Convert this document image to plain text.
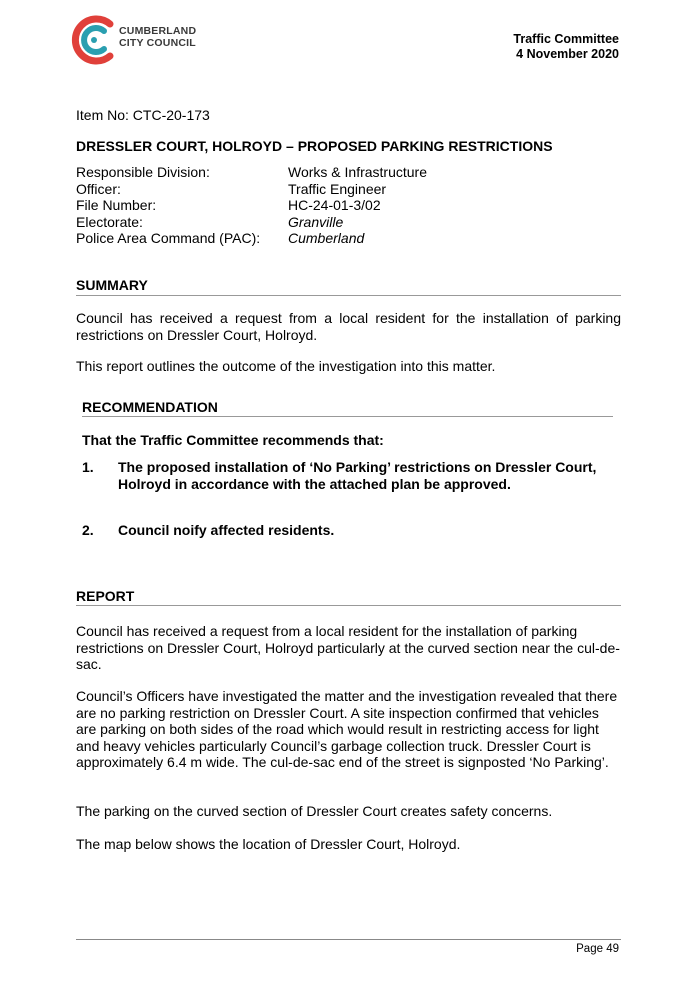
CUMBERLAND
CITY COUNCIL	Traffic Committee
4 November 2020
Item No: CTC-20-173
DRESSLER COURT, HOLROYD – PROPOSED PARKING RESTRICTIONS
Responsible Division:	Works & Infrastructure
Officer:	Traffic Engineer
File Number:	HC-24-01-3/02
Electorate:	Granville
Police Area Command (PAC):	Cumberland
SUMMARY
Council has received a request from a local resident for the installation of parking restrictions on Dressler Court, Holroyd.
This report outlines the outcome of the investigation into this matter.
RECOMMENDATION
That the Traffic Committee recommends that:
1. The proposed installation of ‘No Parking’ restrictions on Dressler Court, Holroyd in accordance with the attached plan be approved.
2. Council noify affected residents.
REPORT
Council has received a request from a local resident for the installation of parking restrictions on Dressler Court, Holroyd particularly at the curved section near the cul-de-sac.
Council’s Officers have investigated the matter and the investigation revealed that there are no parking restriction on Dressler Court. A site inspection confirmed that vehicles are parking on both sides of the road which would result in restricting access for light and heavy vehicles particularly Council’s garbage collection truck. Dressler Court is approximately 6.4 m wide. The cul-de-sac end of the street is signposted ‘No Parking’.
The parking on the curved section of Dressler Court creates safety concerns.
The map below shows the location of Dressler Court, Holroyd.
Page 49
